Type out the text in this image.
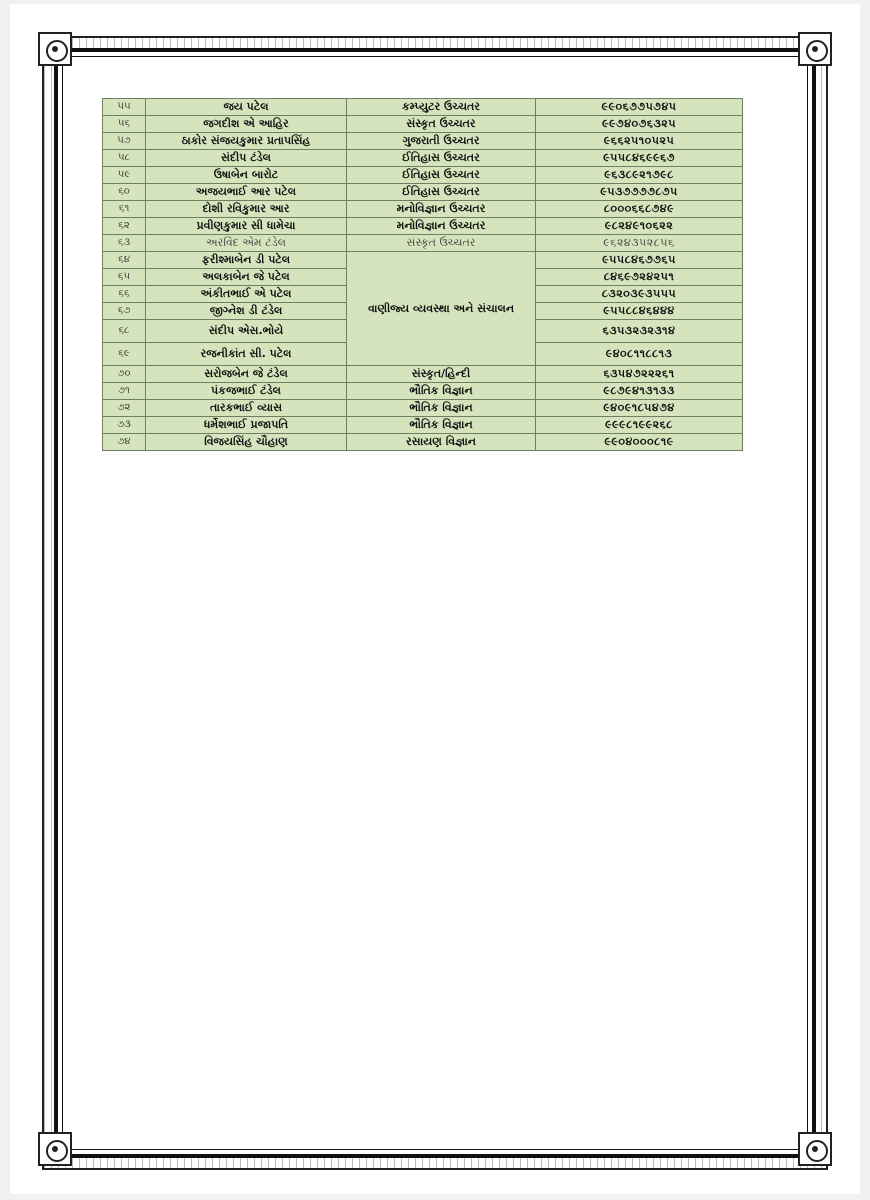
૫૫	જય પટેલ	કમ્પ્યુટર ઉચ્ચતર	૯૯૦૬૭૭૫૭૪૫
૫૬	જગદીશ એ આહિર	સંસ્કૃત ઉચ્ચતર	૯૯૭૪૦૭૬૩૨૫
૫૭	ઠાકોર સંજયકુમાર પ્રતાપસિંહ	ગુજરાતી ઉચ્ચતર	૯૬૬૨૫૧૦૫૨૫
૫૮	સંદીપ ટંડેલ	ઈતિહાસ ઉચ્ચતર	૯૫૫૮૪૬૯૯૬૭
૫૯	ઉષાબેન બારોટ	ઈતિહાસ ઉચ્ચતર	૯૬૩૮૯૨૧૭૯૮
૬૦	અજયભાઈ આર પટેલ	ઈતિહાસ ઉચ્ચતર	૯૫૩૭૭૭૭૮૭૫
૬૧	દોશી રવિકુમાર આર	મનોવિજ્ઞાન ઉચ્ચતર	૮૦૦૦૬૬૮૭૪૯
૬૨	પ્રવીણકુમાર સી ધામેચા	મનોવિજ્ઞાન ઉચ્ચતર	૯૮૨૪૯૧૦૬૨૨
૬૩	અરવિંદ એમ ટંડેલ	સંસ્કૃત ઉચ્ચતર	૯૬૨૪૩૫૨૮૫૬
૬૪	ફરીશ્માબેન ડી પટેલ	વાણીજ્ય વ્યવસ્થા અને સંચાલન	૯૫૫૮૪૬૭૭૬૫
૬૫	અલકાબેન જે પટેલ		૮૪૬૯૭૨૪૨૫૧
૬૬	અંકીતભાઈ એ પટેલ		૮૩૨૦૩૯૩૫૫૫
૬૭	જીગ્નેશ ડી ટંડેલ		૯૫૫૮૮૪૬૪૪૪
૬૮	સંદીપ એસ.ભોયે		૬૩૫૩૨૩૨૩૧૪
૬૯	રજનીકાંત સી. પટેલ		૯૪૦૮૧૧૮૮૧૩
૭૦	સરોજબેન જે ટંડેલ	સંસ્કૃત/હિન્દી	૬૩૫૪૭૨૨૨૬૧
૭૧	પંકજભાઈ ટંડેલ	ભૌતિક વિજ્ઞાન	૯૮૭૯૪૧૩૧૩૩
૭૨	તારકભાઈ વ્યાસ	ભૌતિક વિજ્ઞાન	૯૪૦૯૧૮૫૪૭૪
૭૩	ધર્મેશભાઈ પ્રજાપતિ	ભૌતિક વિજ્ઞાન	૯૯૯૮૧૯૯૨૬૮
૭૪	વિજયસિંહ ચૌહાણ	રસાયણ વિજ્ઞાન	૯૯૦૪૦૦૦૮૧૯
